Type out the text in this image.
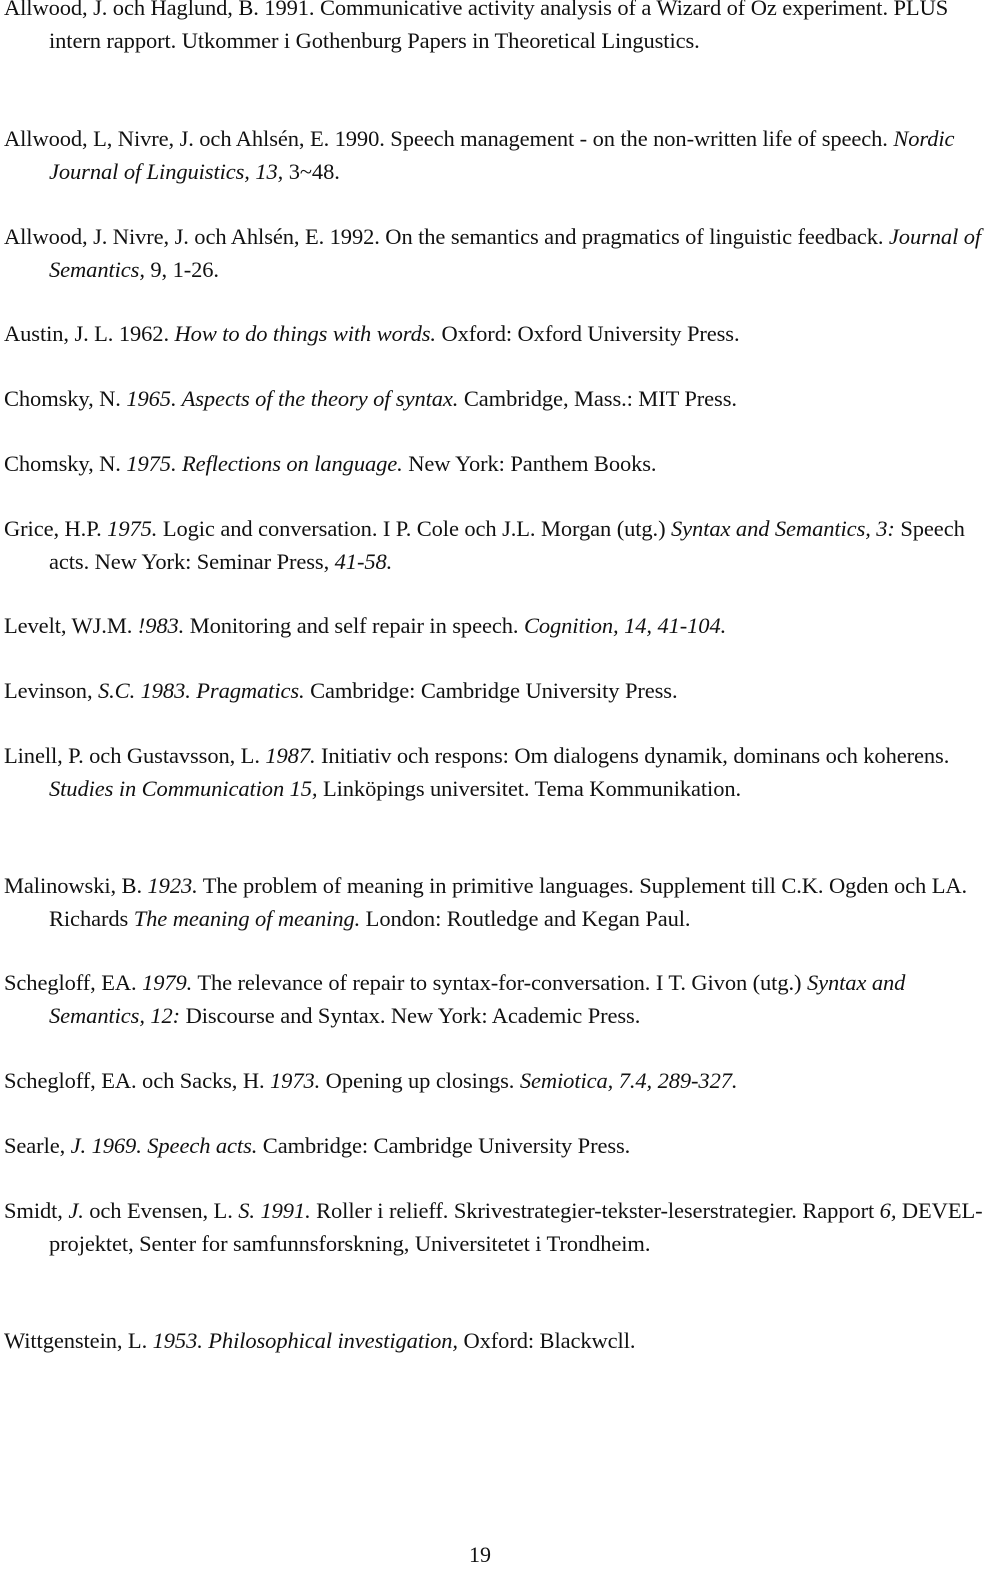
Allwood, J. och Haglund, B. 1991. Communicative activity analysis of a Wizard of Oz experiment. PLUS intern rapport. Utkommer i Gothenburg Papers in Theoretical Lingustics.
Allwood, L, Nivre, J. och Ahlsén, E. 1990. Speech management - on the non-written life of speech. Nordic Journal of Linguistics, 13, 3~48.
Allwood, J. Nivre, J. och Ahlsén, E. 1992. On the semantics and pragmatics of linguistic feedback. Journal of Semantics, 9, 1-26.
Austin, J. L. 1962. How to do things with words. Oxford: Oxford University Press.
Chomsky, N. 1965. Aspects of the theory of syntax. Cambridge, Mass.: MIT Press.
Chomsky, N. 1975. Reflections on language. New York: Panthem Books.
Grice, H.P. 1975. Logic and conversation. I P. Cole och J.L. Morgan (utg.) Syntax and Semantics, 3: Speech acts. New York: Seminar Press, 41-58.
Levelt, WJ.M. !983. Monitoring and self repair in speech. Cognition, 14, 41-104.
Levinson, S.C. 1983. Pragmatics. Cambridge: Cambridge University Press.
Linell, P. och Gustavsson, L. 1987. Initiativ och respons: Om dialogens dynamik, dominans och koherens. Studies in Communication 15, Linköpings universitet. Tema Kommunikation.
Malinowski, B. 1923. The problem of meaning in primitive languages. Supplement till C.K. Ogden och LA. Richards The meaning of meaning. London: Routledge and Kegan Paul.
Schegloff, EA. 1979. The relevance of repair to syntax-for-conversation. I T. Givon (utg.) Syntax and Semantics, 12: Discourse and Syntax. New York: Academic Press.
Schegloff, EA. och Sacks, H. 1973. Opening up closings. Semiotica, 7.4, 289-327.
Searle, J. 1969. Speech acts. Cambridge: Cambridge University Press.
Smidt, J. och Evensen, L. S. 1991. Roller i relieff. Skrivestrategier-tekster-leserstrategier. Rapport 6, DEVEL-projektet, Senter for samfunnsforskning, Universitetet i Trondheim.
Wittgenstein, L. 1953. Philosophical investigation, Oxford: Blackwcll.
19
